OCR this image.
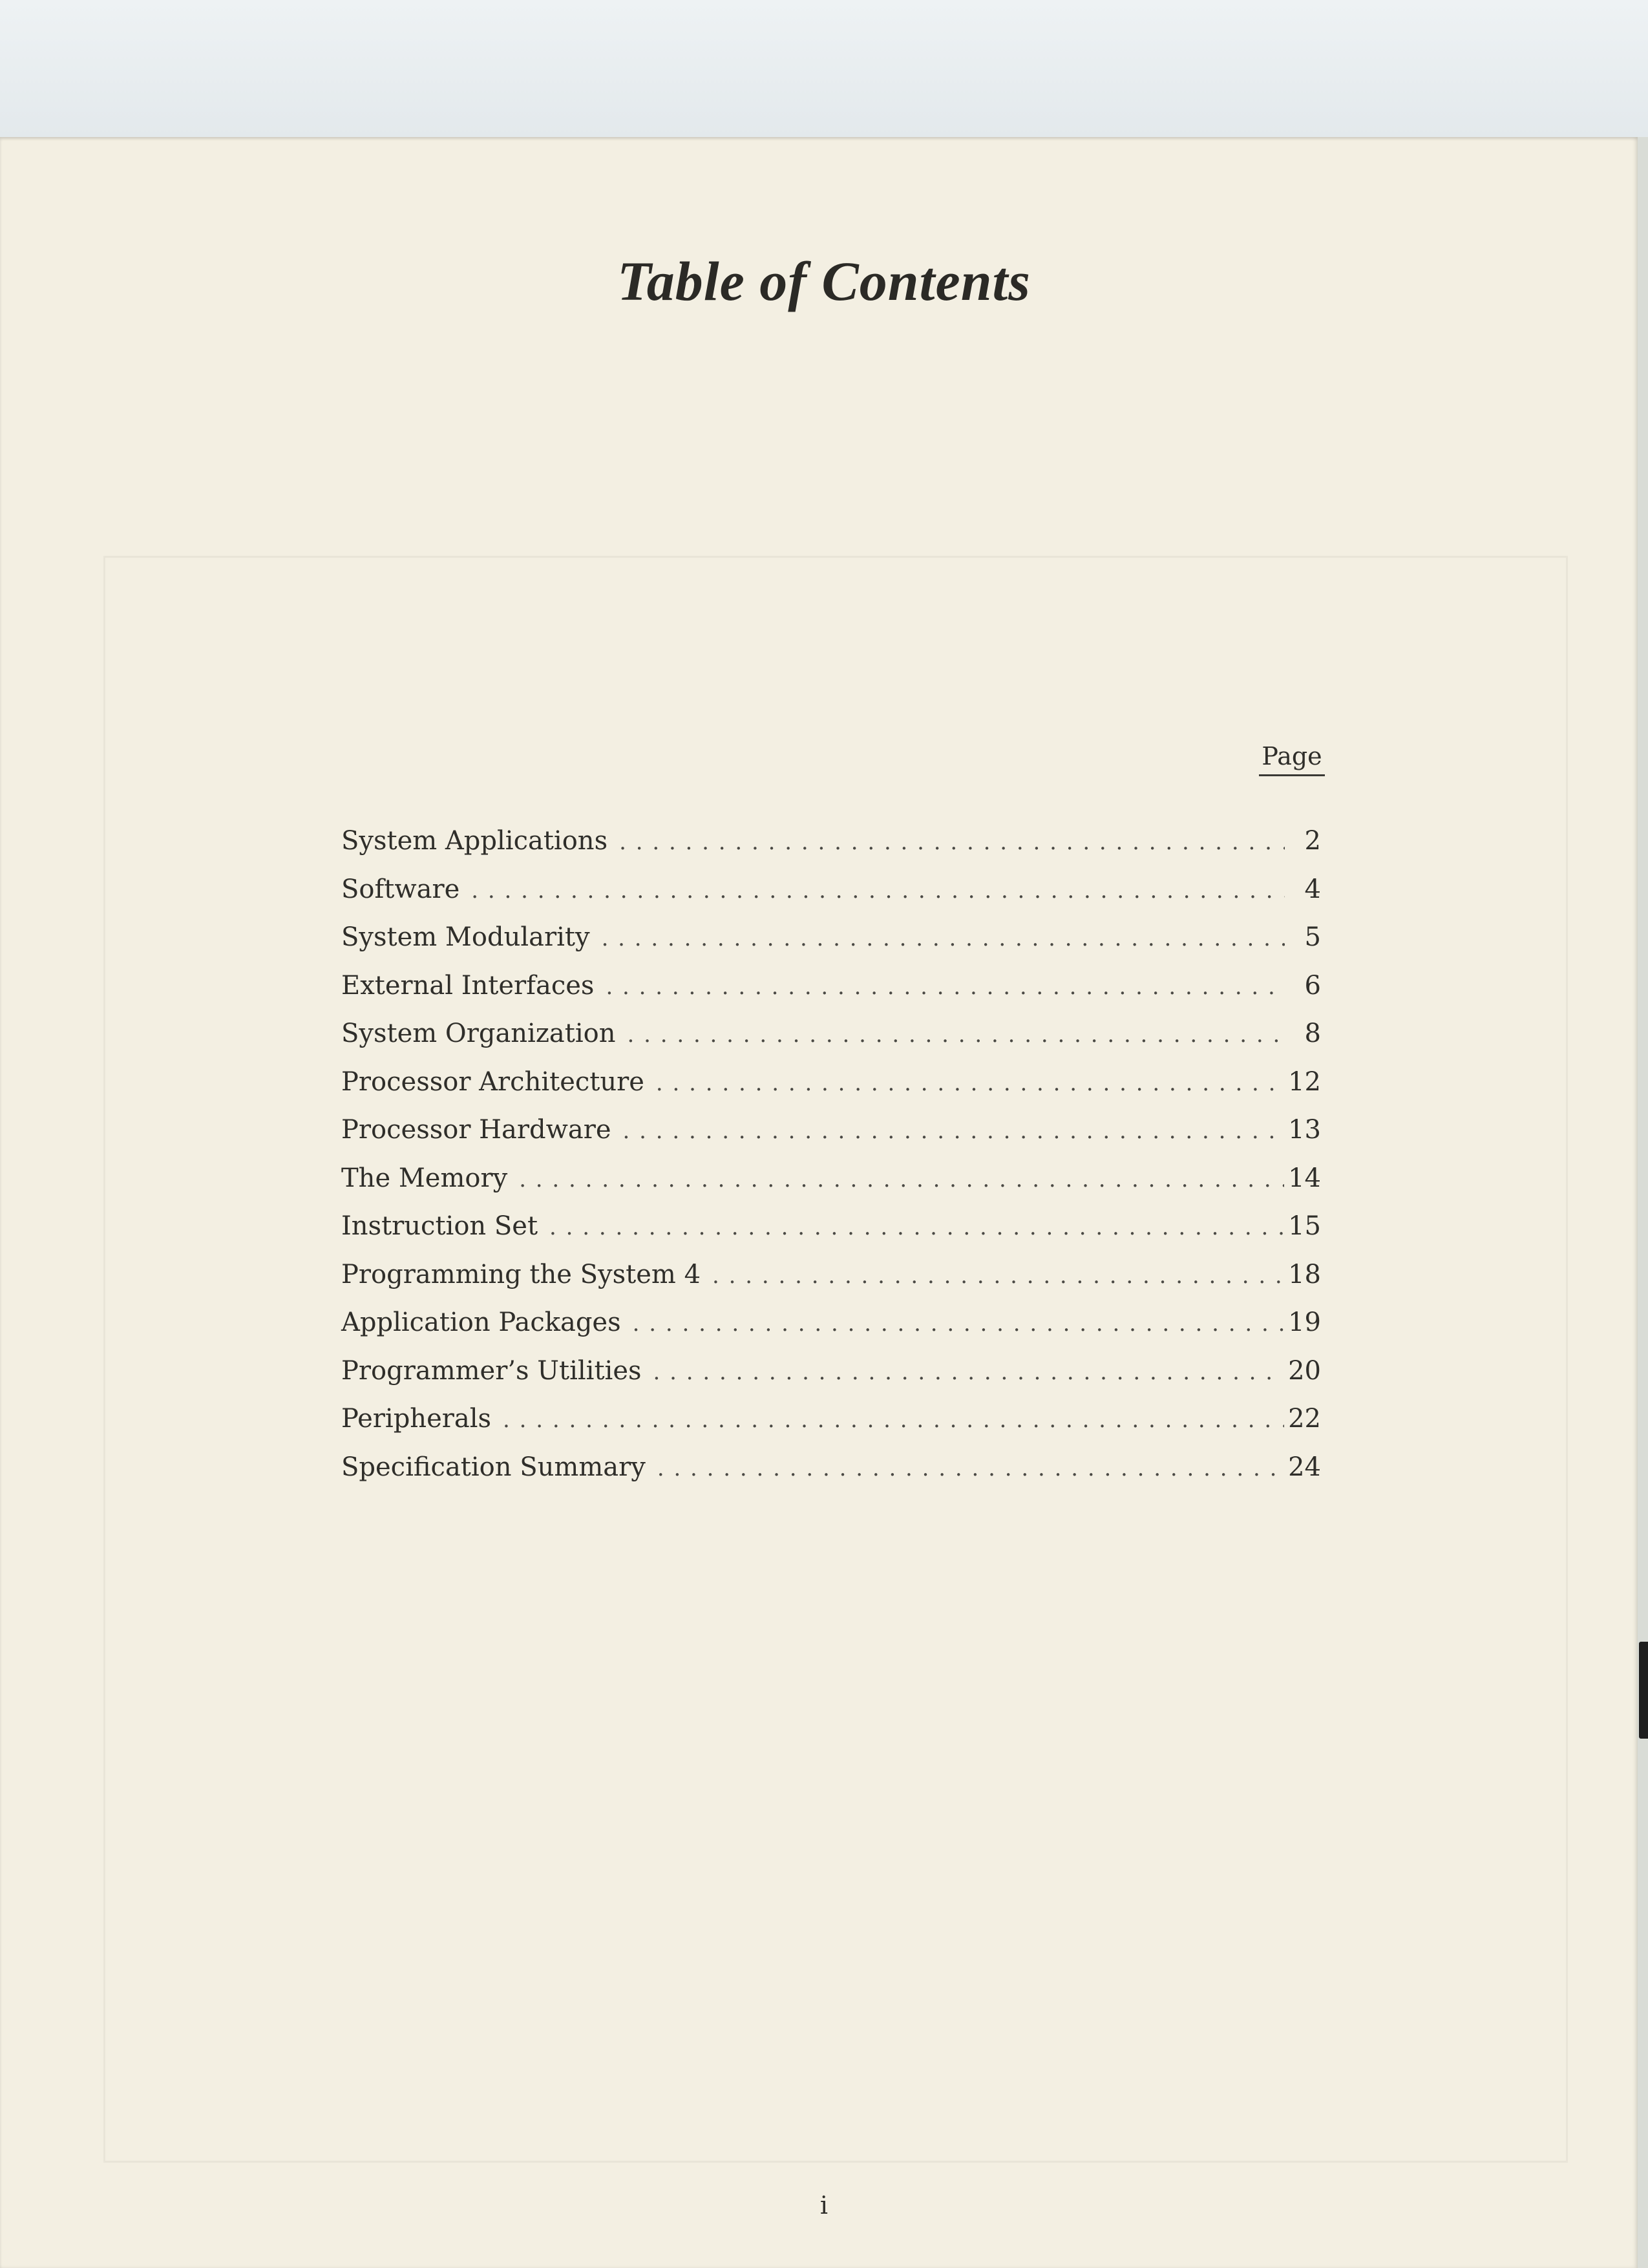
Table of Contents
Page
System Applications . . .	2
Software . . .	4
System Modularity . . .	5
External Interfaces . . .	6
System Organization . . .	8
Processor Architecture . . .	12
Processor Hardware . . .	13
The Memory . . .	14
Instruction Set . . .	15
Programming the System 4 . . .	18
Application Packages . . .	19
Programmer’s Utilities . . .	20
Peripherals . . .	22
Specification Summary . . .	24
i
